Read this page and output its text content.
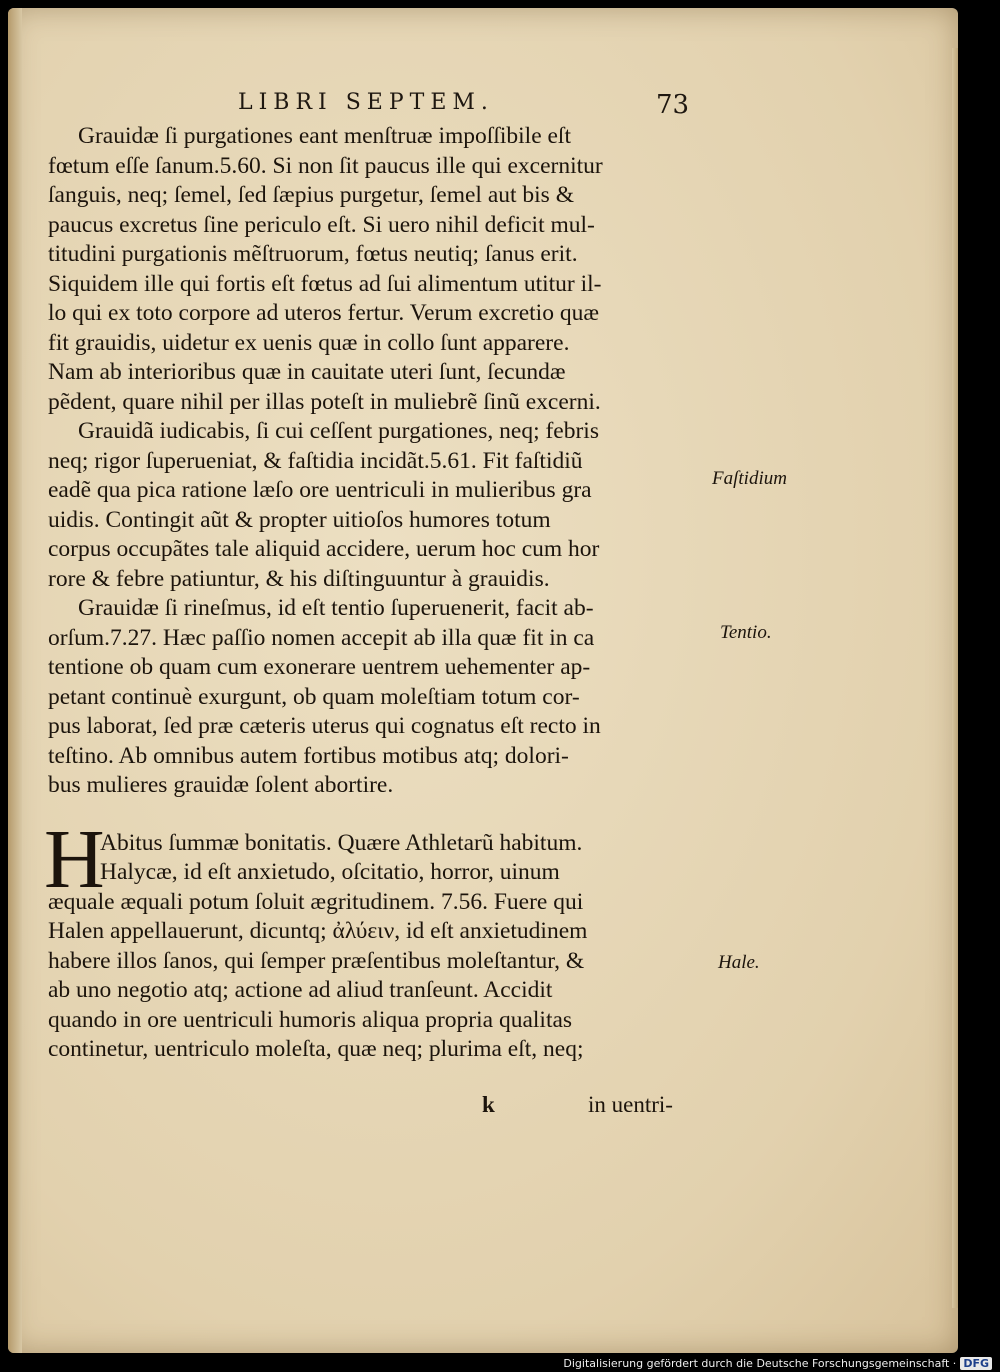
LIBRI SEPTEM.	73
Grauidæ ſi purgationes eant menſtruæ impoſſibile eſt
fœtum eſſe ſanum.5.60. Si non ſit paucus ille qui excernitur
ſanguis, neq; ſemel, ſed ſæpius purgetur, ſemel aut bis &
paucus excretus ſine periculo eſt. Si uero nihil deficit mul-
titudini purgationis mẽſtruorum, fœtus neutiq; ſanus erit.
Siquidem ille qui fortis eſt fœtus ad ſui alimentum utitur il-
lo qui ex toto corpore ad uteros fertur. Verum excretio quæ
fit grauidis, uidetur ex uenis quæ in collo ſunt apparere.
Nam ab interioribus quæ in cauitate uteri ſunt, ſecundæ
pẽdent, quare nihil per illas poteſt in muliebrẽ ſinũ excerni.
Grauidã iudicabis, ſi cui ceſſent purgationes, neq; febris
neq; rigor ſuperueniat, & faſtidia incidãt.5.61. Fit faſtidiũ
eadẽ qua pica ratione læſo ore uentriculi in mulieribus gra
uidis. Contingit aũt & propter uitioſos humores totum
corpus occupãtes tale aliquid accidere, uerum hoc cum hor
rore & febre patiuntur, & his diſtinguuntur à grauidis.
Grauidæ ſi rineſmus, id eſt tentio ſuperuenerit, facit ab-
orſum.7.27. Hæc paſſio nomen accepit ab illa quæ fit in ca
tentione ob quam cum exonerare uentrem uehementer ap-
petant continuè exurgunt, ob quam moleſtiam totum cor-
pus laborat, ſed præ cæteris uterus qui cognatus eſt recto in
teſtino. Ab omnibus autem fortibus motibus atq; dolori-
bus mulieres grauidæ ſolent abortire.
H
Abitus ſummæ bonitatis. Quære Athletarũ habitum.
Halycæ, id eſt anxietudo, oſcitatio, horror, uinum
æquale æquali potum ſoluit ægritudinem. 7.56. Fuere qui
Halen appellauerunt, dicuntq; ἀλύειν, id eſt anxietudinem
habere illos ſanos, qui ſemper præſentibus moleſtantur, &
ab uno negotio atq; actione ad aliud tranſeunt. Accidit
quando in ore uentriculi humoris aliqua propria qualitas
continetur, uentriculo moleſta, quæ neq; plurima eſt, neq;
k	in uentri-
Faſtidium
Tentio.
Hale.
Digitalisierung gefördert durch die Deutsche Forschungsgemeinschaft · DFG
